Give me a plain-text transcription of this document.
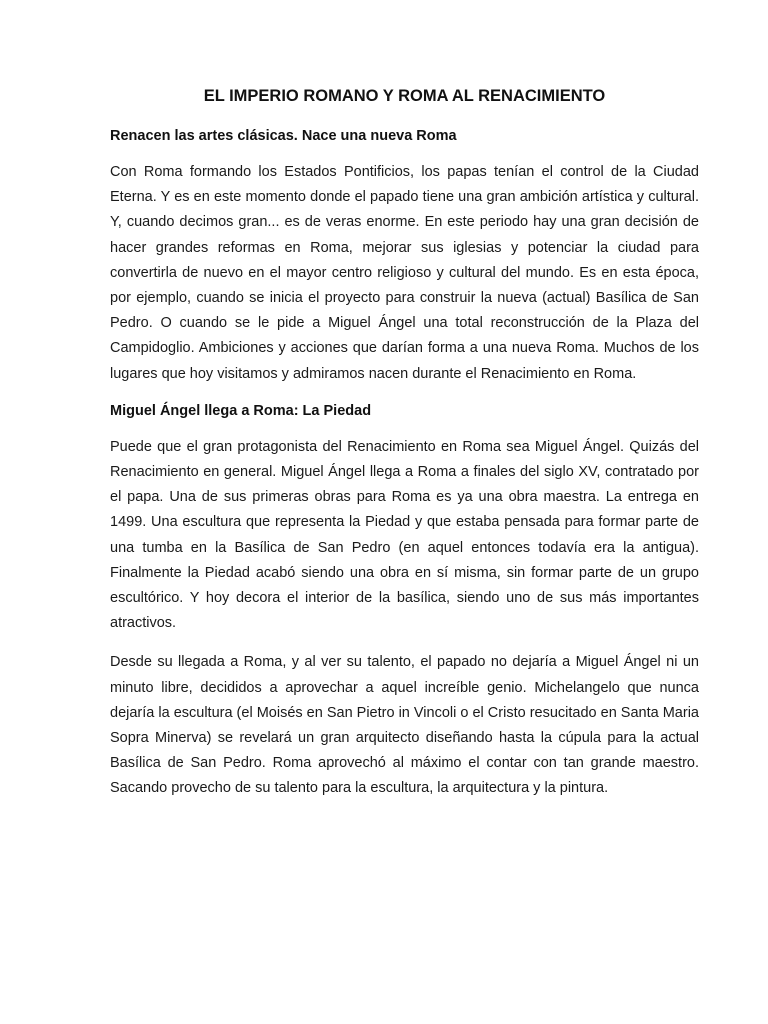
EL IMPERIO ROMANO Y ROMA AL RENACIMIENTO
Renacen las artes clásicas. Nace una nueva Roma

Con Roma formando los Estados Pontificios, los papas tenían el control de la Ciudad Eterna. Y es en este momento donde el papado tiene una gran ambición artística y cultural. Y, cuando decimos gran... es de veras enorme. En este periodo hay una gran decisión de hacer grandes reformas en Roma, mejorar sus iglesias y potenciar la ciudad para convertirla de nuevo en el mayor centro religioso y cultural del mundo. Es en esta época, por ejemplo, cuando se inicia el proyecto para construir la nueva (actual) Basílica de San Pedro. O cuando se le pide a Miguel Ángel una total reconstrucción de la Plaza del Campidoglio. Ambiciones y acciones que darían forma a una nueva Roma. Muchos de los lugares que hoy visitamos y admiramos nacen durante el Renacimiento en Roma.

Miguel Ángel llega a Roma: La Piedad

Puede que el gran protagonista del Renacimiento en Roma sea Miguel Ángel. Quizás del Renacimiento en general. Miguel Ángel llega a Roma a finales del siglo XV, contratado por el papa. Una de sus primeras obras para Roma es ya una obra maestra. La entrega en 1499. Una escultura que representa la Piedad y que estaba pensada para formar parte de una tumba en la Basílica de San Pedro (en aquel entonces todavía era la antigua). Finalmente la Piedad acabó siendo una obra en sí misma, sin formar parte de un grupo escultórico. Y hoy decora el interior de la basílica, siendo uno de sus más importantes atractivos.

Desde su llegada a Roma, y al ver su talento, el papado no dejaría a Miguel Ángel ni un minuto libre, decididos a aprovechar a aquel increíble genio. Michelangelo que nunca dejaría la escultura (el Moisés en San Pietro in Vincoli o el Cristo resucitado en Santa Maria Sopra Minerva) se revelará un gran arquitecto diseñando hasta la cúpula para la actual Basílica de San Pedro. Roma aprovechó al máximo el contar con tan grande maestro. Sacando provecho de su talento para la escultura, la arquitectura y la pintura.
